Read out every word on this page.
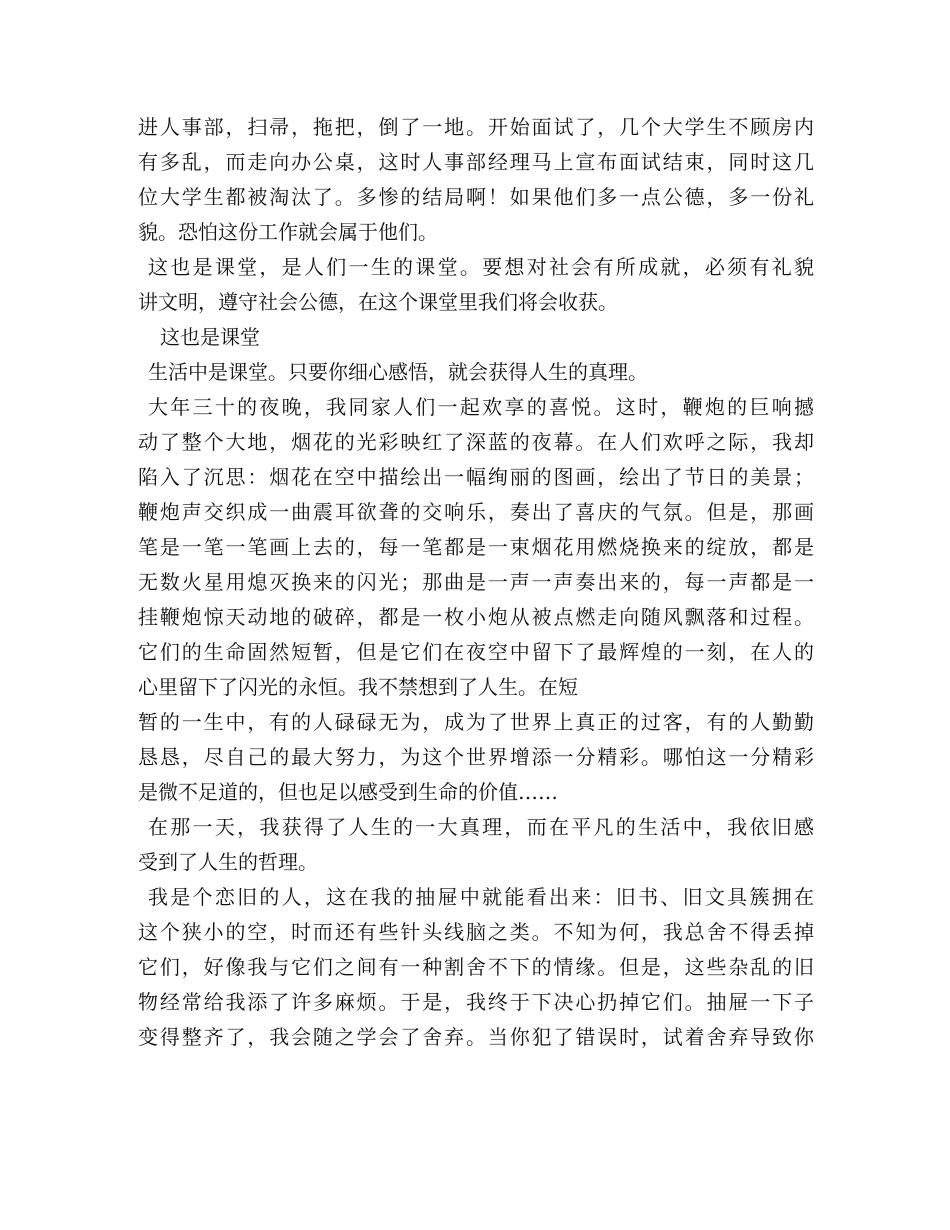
进人事部，扫帚，拖把，倒了一地。开始面试了，几个大学生不顾房内
有多乱，而走向办公桌，这时人事部经理马上宣布面试结束，同时这几
位大学生都被淘汰了。多惨的结局啊！如果他们多一点公德，多一份礼
貌。恐怕这份工作就会属于他们。
这也是课堂，是人们一生的课堂。要想对社会有所成就，必须有礼貌
讲文明，遵守社会公德，在这个课堂里我们将会收获。
这也是课堂
生活中是课堂。只要你细心感悟，就会获得人生的真理。
大年三十的夜晚，我同家人们一起欢享的喜悦。这时，鞭炮的巨响撼
动了整个大地，烟花的光彩映红了深蓝的夜幕。在人们欢呼之际，我却
陷入了沉思：烟花在空中描绘出一幅绚丽的图画，绘出了节日的美景；
鞭炮声交织成一曲震耳欲聋的交响乐，奏出了喜庆的气氛。但是，那画
笔是一笔一笔画上去的，每一笔都是一束烟花用燃烧换来的绽放，都是
无数火星用熄灭换来的闪光；那曲是一声一声奏出来的，每一声都是一
挂鞭炮惊天动地的破碎，都是一枚小炮从被点燃走向随风飘落和过程。
它们的生命固然短暂，但是它们在夜空中留下了最辉煌的一刻，在人的
心里留下了闪光的永恒。我不禁想到了人生。在短
暂的一生中，有的人碌碌无为，成为了世界上真正的过客，有的人勤勤
恳恳，尽自己的最大努力，为这个世界增添一分精彩。哪怕这一分精彩
是微不足道的，但也足以感受到生命的价值……
在那一天，我获得了人生的一大真理，而在平凡的生活中，我依旧感
受到了人生的哲理。
我是个恋旧的人，这在我的抽屉中就能看出来：旧书、旧文具簇拥在
这个狭小的空，时而还有些针头线脑之类。不知为何，我总舍不得丢掉
它们，好像我与它们之间有一种割舍不下的情缘。但是，这些杂乱的旧
物经常给我添了许多麻烦。于是，我终于下决心扔掉它们。抽屉一下子
变得整齐了，我会随之学会了舍弃。当你犯了错误时，试着舍弃导致你
